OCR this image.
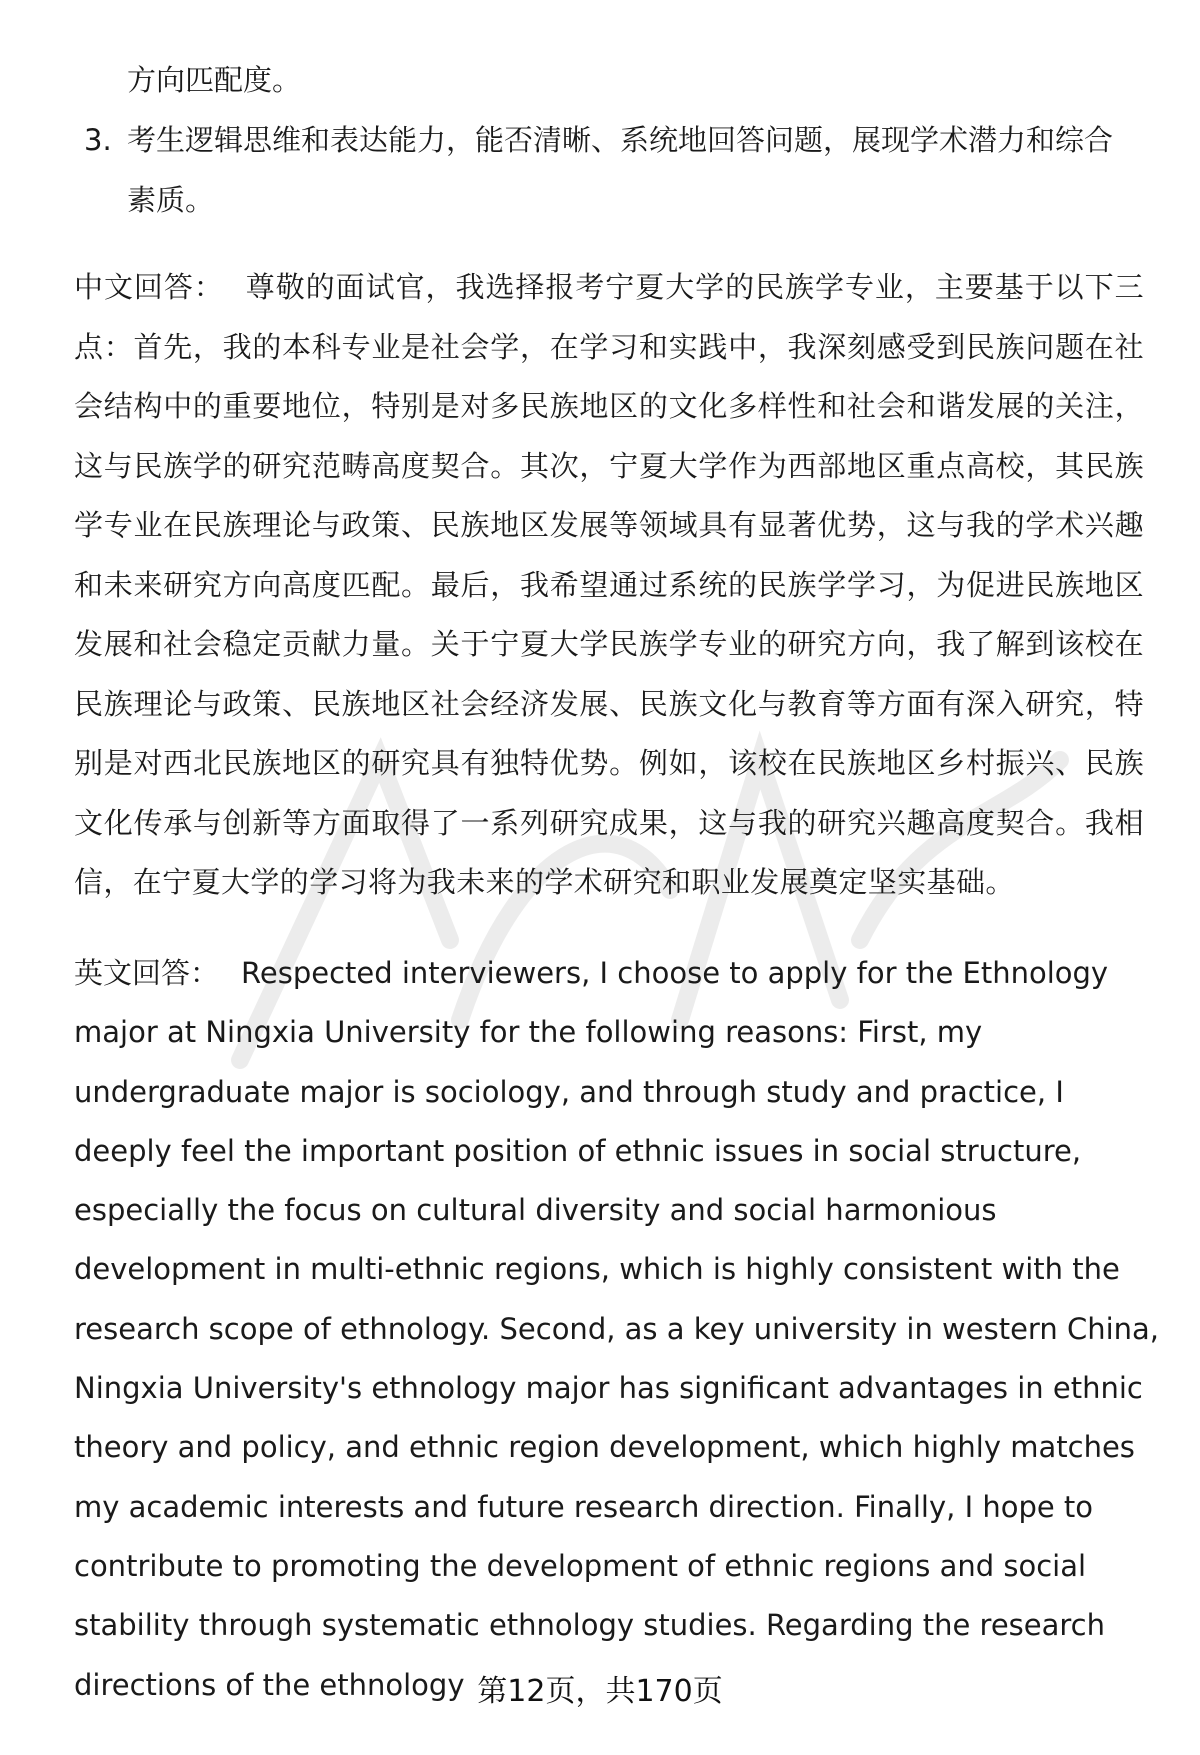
方向匹配度。
3. 考生逻辑思维和表达能力，能否清晰、系统地回答问题，展现学术潜力和综合素质。

中文回答： 尊敬的面试官，我选择报考宁夏大学的民族学专业，主要基于以下三点：首先，我的本科专业是社会学，在学习和实践中，我深刻感受到民族问题在社会结构中的重要地位，特别是对多民族地区的文化多样性和社会和谐发展的关注，这与民族学的研究范畴高度契合。其次，宁夏大学作为西部地区重点高校，其民族学专业在民族理论与政策、民族地区发展等领域具有显著优势，这与我的学术兴趣和未来研究方向高度匹配。最后，我希望通过系统的民族学学习，为促进民族地区发展和社会稳定贡献力量。关于宁夏大学民族学专业的研究方向，我了解到该校在民族理论与政策、民族地区社会经济发展、民族文化与教育等方面有深入研究，特别是对西北民族地区的研究具有独特优势。例如，该校在民族地区乡村振兴、民族文化传承与创新等方面取得了一系列研究成果，这与我的研究兴趣高度契合。我相信，在宁夏大学的学习将为我未来的学术研究和职业发展奠定坚实基础。

英文回答： Respected interviewers, I choose to apply for the Ethnology major at Ningxia University for the following reasons: First, my undergraduate major is sociology, and through study and practice, I deeply feel the important position of ethnic issues in social structure, especially the focus on cultural diversity and social harmonious development in multi-ethnic regions, which is highly consistent with the research scope of ethnology. Second, as a key university in western China, Ningxia University's ethnology major has significant advantages in ethnic theory and policy, and ethnic region development, which highly matches my academic interests and future research direction. Finally, I hope to contribute to promoting the development of ethnic regions and social stability through systematic ethnology studies. Regarding the research directions of the ethnology 第12页，共170页
